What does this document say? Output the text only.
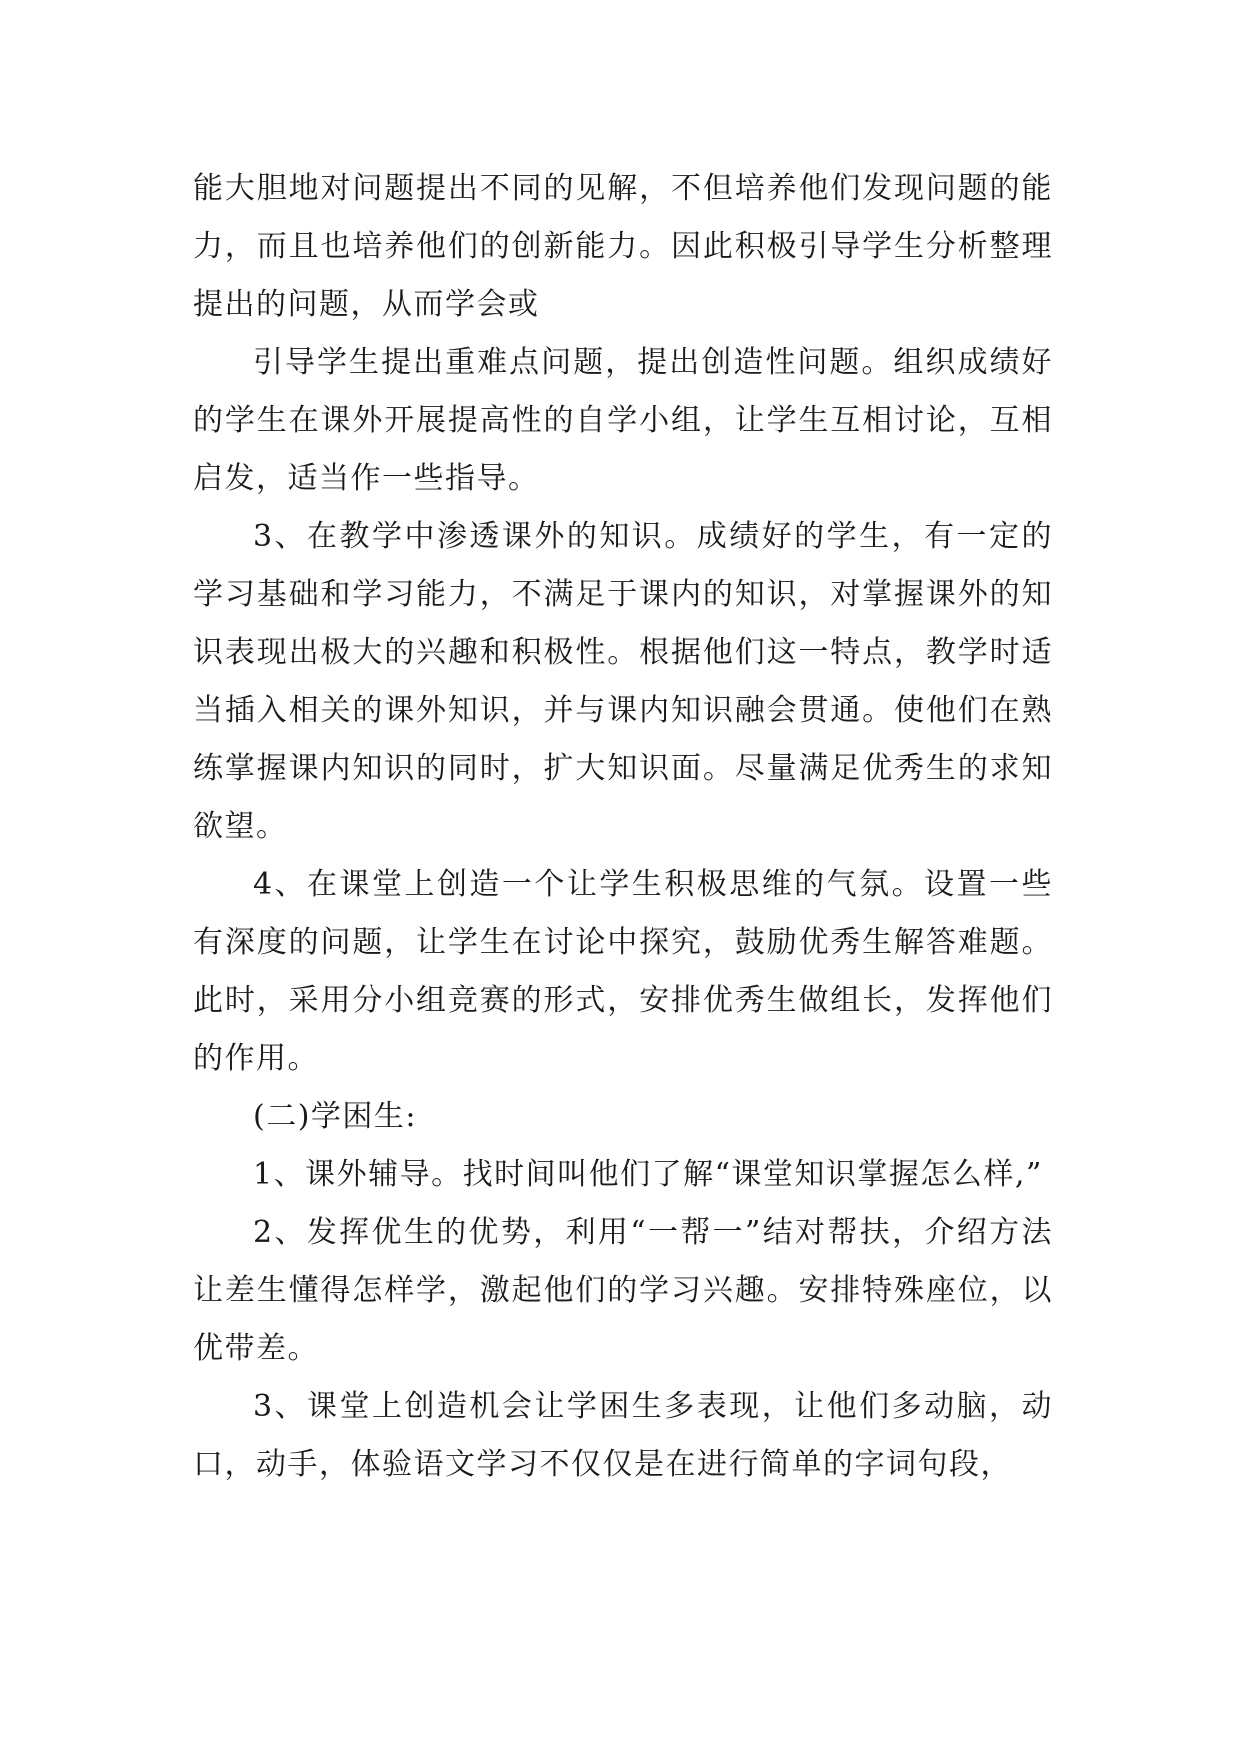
能大胆地对问题提出不同的见解，不但培养他们发现问题的能力，而且也培养他们的创新能力。因此积极引导学生分析整理提出的问题，从而学会或

引导学生提出重难点问题，提出创造性问题。组织成绩好的学生在课外开展提高性的自学小组，让学生互相讨论，互相启发，适当作一些指导。

3、在教学中渗透课外的知识。成绩好的学生，有一定的学习基础和学习能力，不满足于课内的知识，对掌握课外的知识表现出极大的兴趣和积极性。根据他们这一特点，教学时适当插入相关的课外知识，并与课内知识融会贯通。使他们在熟练掌握课内知识的同时，扩大知识面。尽量满足优秀生的求知欲望。

4、在课堂上创造一个让学生积极思维的气氛。设置一些有深度的问题，让学生在讨论中探究，鼓励优秀生解答难题。此时，采用分小组竞赛的形式，安排优秀生做组长，发挥他们的作用。

(二)学困生:

1、课外辅导。找时间叫他们了解“课堂知识掌握怎么样,”

2、发挥优生的优势，利用“一帮一”结对帮扶，介绍方法让差生懂得怎样学，激起他们的学习兴趣。安排特殊座位，以优带差。

3、课堂上创造机会让学困生多表现，让他们多动脑，动口，动手，体验语文学习不仅仅是在进行简单的字词句段，
